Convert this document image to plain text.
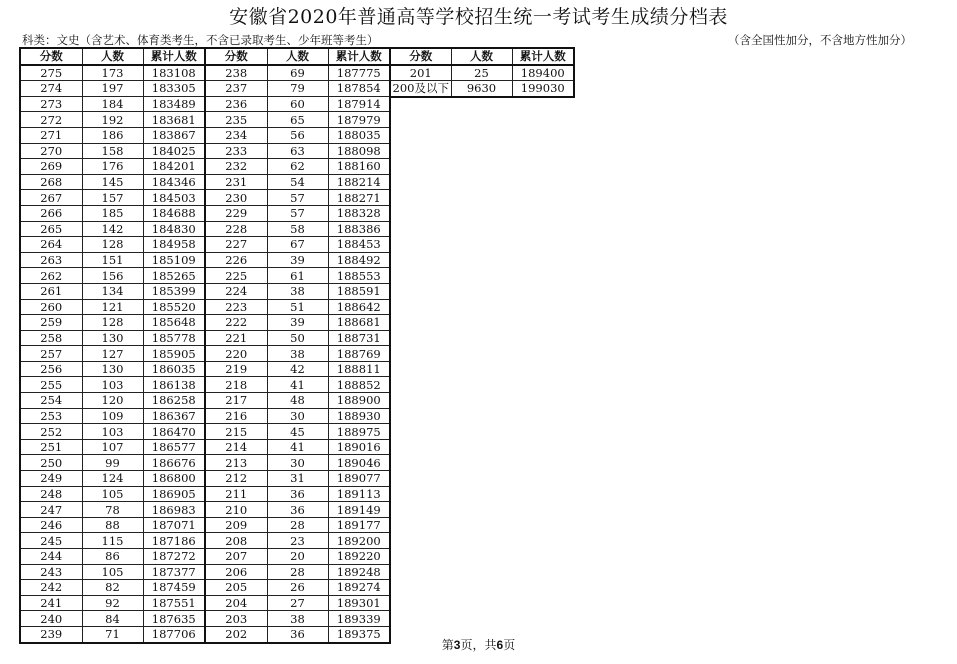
安徽省2020年普通高等学校招生统一考试考生成绩分档表
科类：文史（含艺术、体育类考生，不含已录取考生、少年班等考生）	（含全国性加分，不含地方性加分）
分数	人数	累计人数	分数	人数	累计人数
275	173	183108	238	69	187775
274	197	183305	237	79	187854
273	184	183489	236	60	187914
272	192	183681	235	65	187979
271	186	183867	234	56	188035
270	158	184025	233	63	188098
269	176	184201	232	62	188160
268	145	184346	231	54	188214
267	157	184503	230	57	188271
266	185	184688	229	57	188328
265	142	184830	228	58	188386
264	128	184958	227	67	188453
263	151	185109	226	39	188492
262	156	185265	225	61	188553
261	134	185399	224	38	188591
260	121	185520	223	51	188642
259	128	185648	222	39	188681
258	130	185778	221	50	188731
257	127	185905	220	38	188769
256	130	186035	219	42	188811
255	103	186138	218	41	188852
254	120	186258	217	48	188900
253	109	186367	216	30	188930
252	103	186470	215	45	188975
251	107	186577	214	41	189016
250	99	186676	213	30	189046
249	124	186800	212	31	189077
248	105	186905	211	36	189113
247	78	186983	210	36	189149
246	88	187071	209	28	189177
245	115	187186	208	23	189200
244	86	187272	207	20	189220
243	105	187377	206	28	189248
242	82	187459	205	26	189274
241	92	187551	204	27	189301
240	84	187635	203	38	189339
239	71	187706	202	36	189375
分数	人数	累计人数
201	25	189400
200及以下	9630	199030
第3页，共6页
